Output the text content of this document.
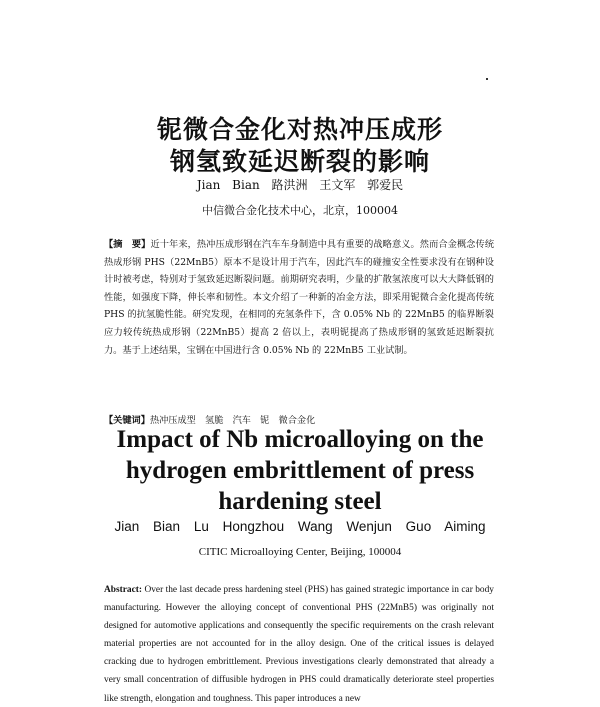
铌微合金化对热冲压成形
钢氢致延迟断裂的影响
Jian Bian 路洪洲 王文军 郭爱民
中信微合金化技术中心，北京，100004
【摘　要】近十年来，热冲压成形钢在汽车车身制造中具有重要的战略意义。然而合金概念传统热成形钢 PHS（22MnB5）原本不是设计用于汽车，因此汽车的碰撞安全性要求没有在钢种设计时被考虑，特别对于氢致延迟断裂问题。前期研究表明，少量的扩散氢浓度可以大大降低钢的性能，如强度下降，伸长率和韧性。本文介绍了一种新的冶金方法，即采用铌微合金化提高传统 PHS 的抗氢脆性能。研究发现，在相同的充氢条件下，含 0.05% Nb 的 22MnB5 的临界断裂应力较传统热成形钢（22MnB5）提高 2 倍以上，表明铌提高了热成形钢的氢致延迟断裂抗力。基于上述结果，宝钢在中国进行含 0.05% Nb 的 22MnB5 工业试制。
【关键词】热冲压成型　氢脆　汽车　铌　微合金化
Impact of Nb microalloying on the hydrogen embrittlement of press hardening steel
Jian Bian Lu Hongzhou Wang Wenjun Guo Aiming
CITIC Microalloying Center, Beijing, 100004
Abstract: Over the last decade press hardening steel (PHS) has gained strategic importance in car body manufacturing. However the alloying concept of conventional PHS (22MnB5) was originally not designed for automotive applications and consequently the specific requirements on the crash relevant material properties are not accounted for in the alloy design. One of the critical issues is delayed cracking due to hydrogen embrittlement. Previous investigations clearly demonstrated that already a very small concentration of diffusible hydrogen in PHS could dramatically deteriorate steel properties like strength, elongation and toughness. This paper introduces a new
